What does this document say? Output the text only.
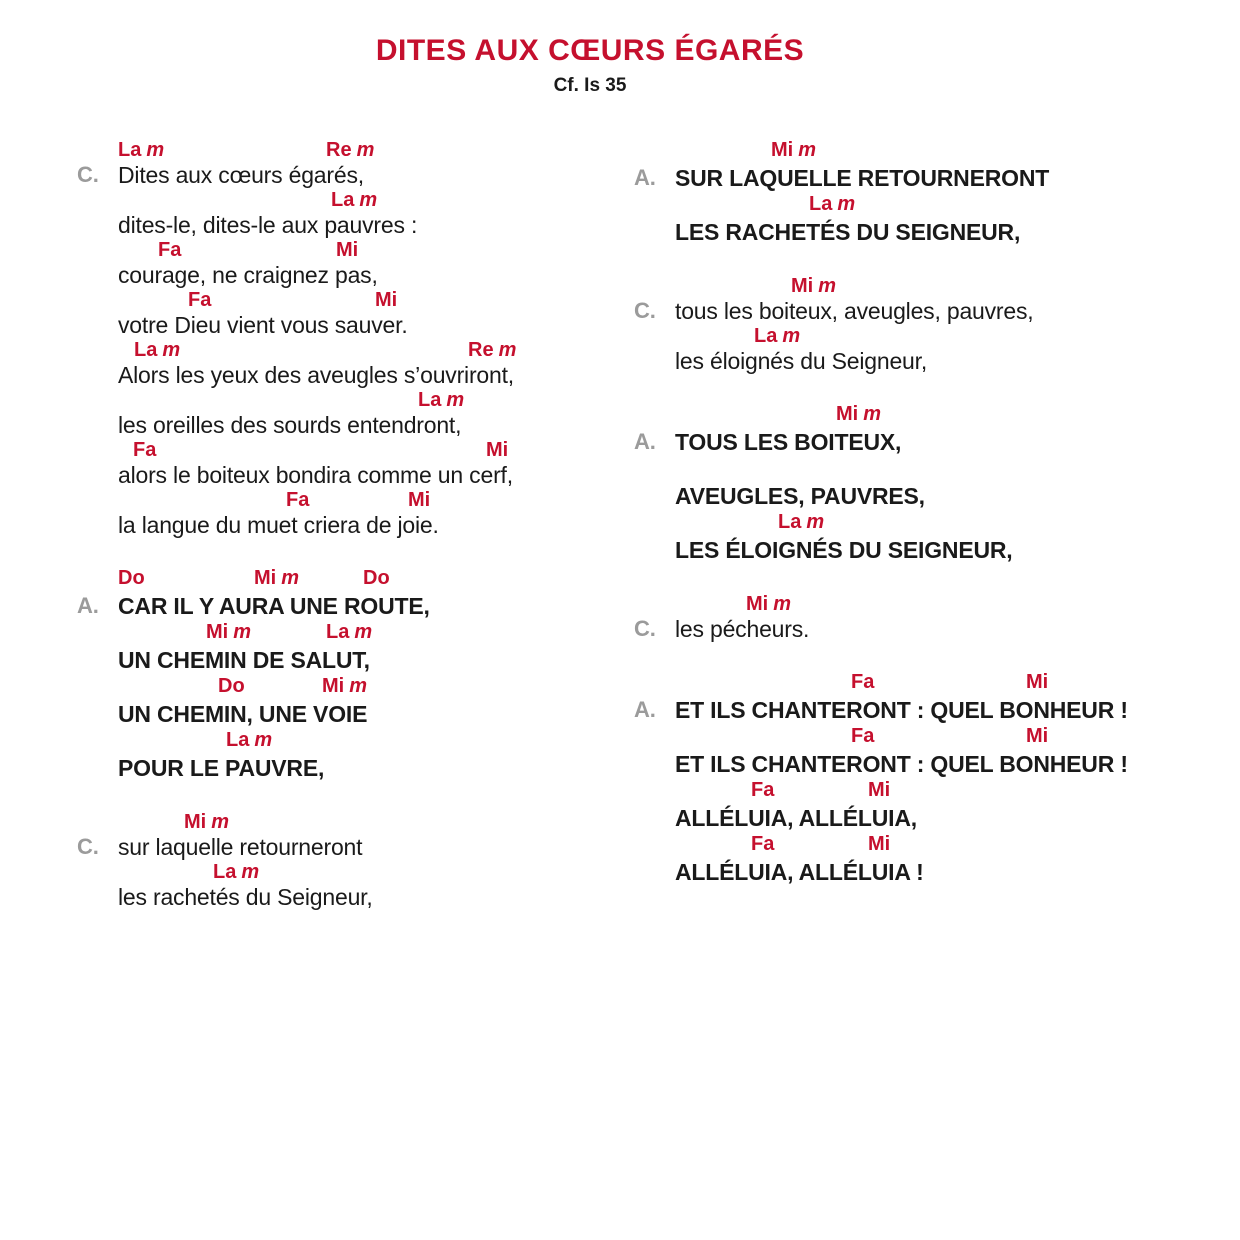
DITES AUX CŒURS ÉGARÉS
Cf. Is 35
La m	Re m
C. Dites aux cœurs égarés,
La m
dites-le, dites-le aux pauvres :
Fa	Mi
courage, ne craignez pas,
Fa	Mi
votre Dieu vient vous sauver.
La m	Re m
Alors les yeux des aveugles s’ouvriront,
La m
les oreilles des sourds entendront,
Fa	Mi
alors le boiteux bondira comme un cerf,
Fa	Mi
la langue du muet criera de joie.
Do	Mi m	Do
A. CAR IL Y AURA UNE ROUTE,
Mi m	La m
UN CHEMIN DE SALUT,
Do	Mi m
UN CHEMIN, UNE VOIE
La m
POUR LE PAUVRE,
Mi m
C. sur laquelle retourneront
La m
les rachetés du Seigneur,
Mi m
A. SUR LAQUELLE RETOURNERONT
La m
LES RACHETÉS DU SEIGNEUR,
Mi m
C. tous les boiteux, aveugles, pauvres,
La m
les éloignés du Seigneur,
Mi m
A. TOUS LES BOITEUX,
AVEUGLES, PAUVRES,
La m
LES ÉLOIGNÉS DU SEIGNEUR,
Mi m
C. les pécheurs.
Fa	Mi
A. ET ILS CHANTERONT : QUEL BONHEUR !
Fa	Mi
ET ILS CHANTERONT : QUEL BONHEUR !
Fa	Mi
ALLÉLUIA, ALLÉLUIA,
Fa	Mi
ALLÉLUIA, ALLÉLUIA !
